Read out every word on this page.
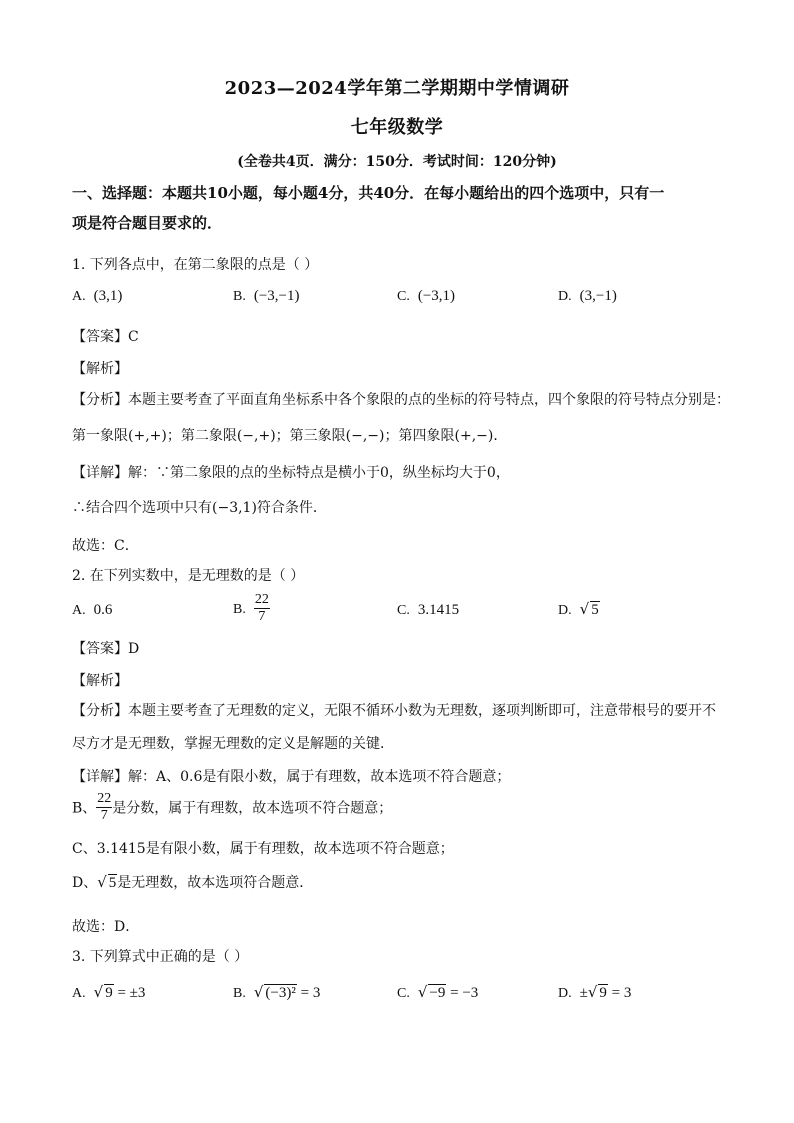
2023—2024学年第二学期期中学情调研
七年级数学
(全卷共4页．满分：150分．考试时间：120分钟)
一、选择题：本题共10小题，每小题4分，共40分．在每小题给出的四个选项中，只有一
项是符合题目要求的．
1. 下列各点中，在第二象限的点是（ ）
A. (3,1)	B. (−3,−1)	C. (−3,1)	D. (3,−1)
【答案】C
【解析】
【分析】本题主要考查了平面直角坐标系中各个象限的点的坐标的符号特点，四个象限的符号特点分别是：
第一象限(+,+)；第二象限(−,+)；第三象限(−,−)；第四象限(+,−)．
【详解】解：∵第二象限的点的坐标特点是横小于0，纵坐标均大于0，
∴结合四个选项中只有(−3,1)符合条件．
故选：C．
2. 在下列实数中，是无理数的是（ ）
A. 0.6	B. $\frac{22}{7}$	C. 3.1415	D. √ 5
【答案】D
【解析】
【分析】本题主要考查了无理数的定义，无限不循环小数为无理数，逐项判断即可，注意带根号的要开不
尽方才是无理数，掌握无理数的定义是解题的关键．
【详解】解：A、0.6是有限小数，属于有理数，故本选项不符合题意；
B、 $\frac{22}{7}$ 是分数，属于有理数，故本选项不符合题意；
C、3.1415是有限小数，属于有理数，故本选项不符合题意；
D、√ 5是无理数，故本选项符合题意．
故选：D．
3. 下列算式中正确的是（ ）
A. √ 9 = ±3	B. √ (−3)² = 3	C. √ −9 = −3	D. ±√ 9 = 3
